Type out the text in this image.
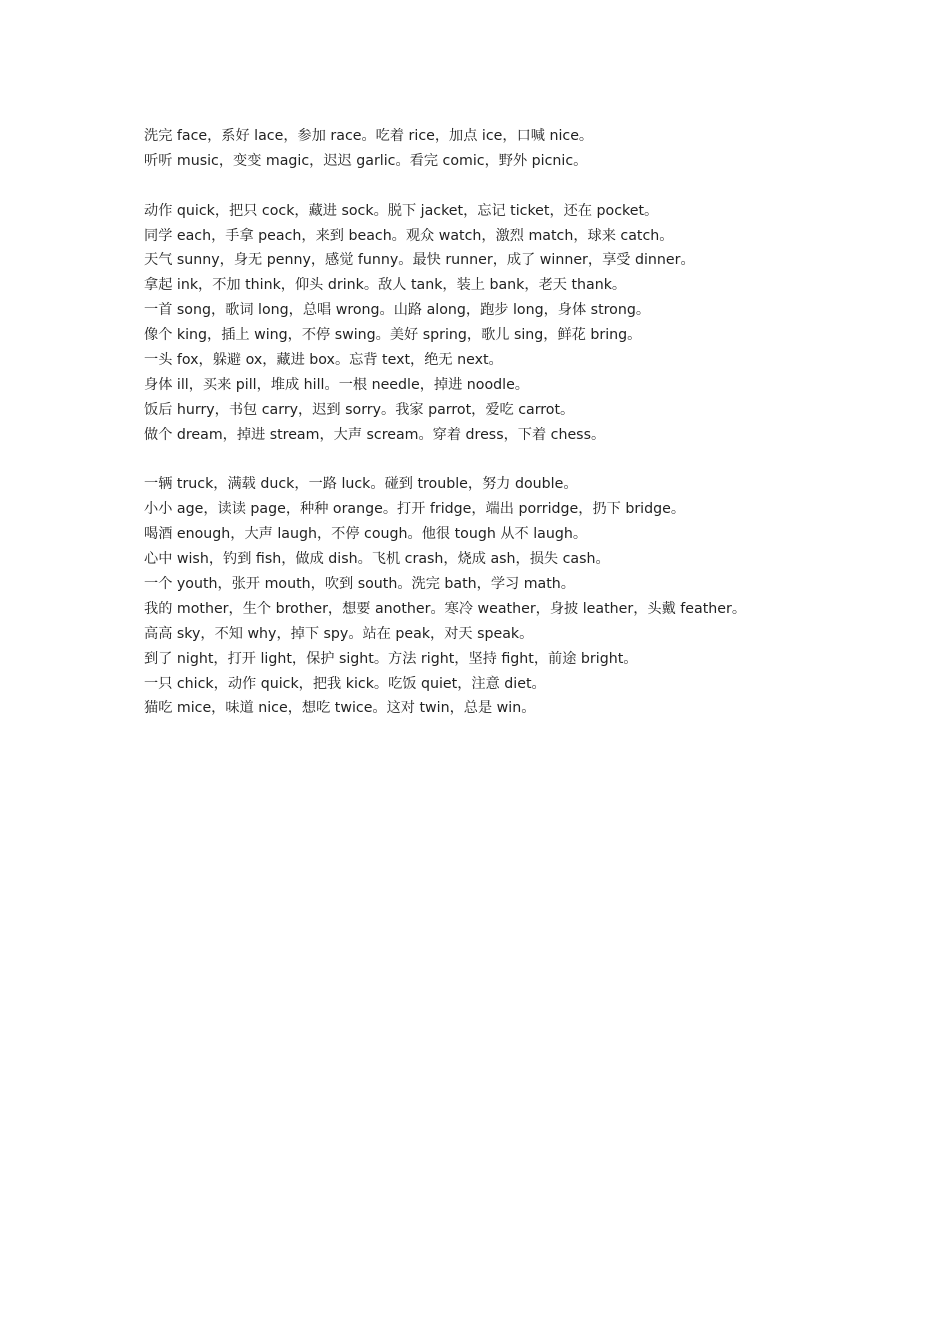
洗完 face，系好 lace，参加 race。吃着 rice，加点 ice，口喊 nice。
听听 music，变变 magic，迟迟 garlic。看完 comic，野外 picnic。
动作 quick，把只 cock，藏进 sock。脱下 jacket，忘记 ticket，还在 pocket。
同学 each，手拿 peach，来到 beach。观众 watch，激烈 match，球来 catch。
天气 sunny，身无 penny，感觉 funny。最快 runner，成了 winner，享受 dinner。
拿起 ink，不加 think，仰头 drink。敌人 tank，装上 bank，老天 thank。
一首 song，歌词 long，总唱 wrong。山路 along，跑步 long，身体 strong。
像个 king，插上 wing，不停 swing。美好 spring，歌儿 sing，鲜花 bring。
一头 fox，躲避 ox，藏进 box。忘背 text，绝无 next。
身体 ill，买来 pill，堆成 hill。一根 needle，掉进 noodle。
饭后 hurry，书包 carry，迟到 sorry。我家 parrot，爱吃 carrot。
做个 dream，掉进 stream，大声 scream。穿着 dress，下着 chess。
一辆 truck，满载 duck，一路 luck。碰到 trouble，努力 double。
小小 age，读读 page，种种 orange。打开 fridge，端出 porridge，扔下 bridge。
喝酒 enough，大声 laugh，不停 cough。他很 tough 从不 laugh。
心中 wish，钓到 fish，做成 dish。飞机 crash，烧成 ash，损失 cash。
一个 youth，张开 mouth，吹到 south。洗完 bath，学习 math。
我的 mother，生个 brother，想要 another。寒冷 weather，身披 leather，头戴 feather。
高高 sky，不知 why，掉下 spy。站在 peak，对天 speak。
到了 night，打开 light，保护 sight。方法 right，坚持 fight，前途 bright。
一只 chick，动作 quick，把我 kick。吃饭 quiet，注意 diet。
猫吃 mice，味道 nice，想吃 twice。这对 twin，总是 win。
